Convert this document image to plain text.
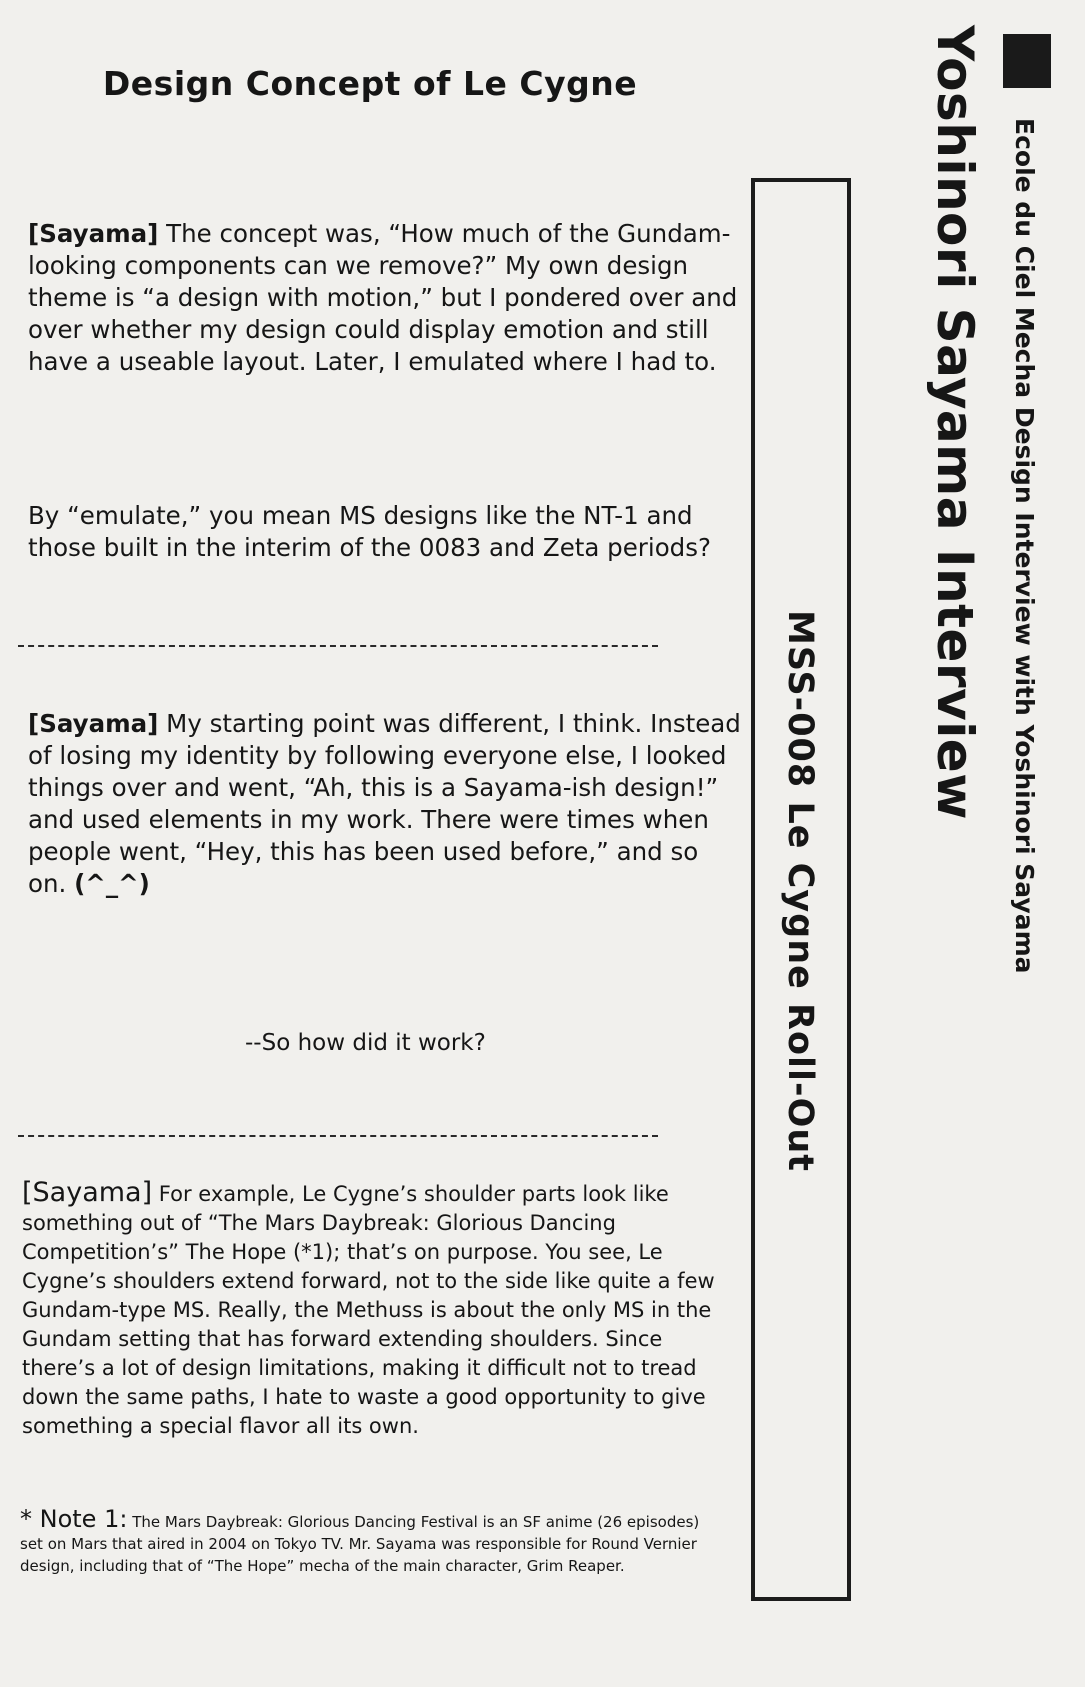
Design Concept of Le Cygne

[Sayama] The concept was, “How much of the Gundam-looking components can we remove?” My own design theme is “a design with motion,” but I pondered over and over whether my design could display emotion and still have a useable layout. Later, I emulated where I had to.

By “emulate,” you mean MS designs like the NT-1 and those built in the interim of the 0083 and Zeta periods?

[Sayama] My starting point was different, I think. Instead of losing my identity by following everyone else, I looked things over and went, “Ah, this is a Sayama-ish design!” and used elements in my work. There were times when people went, “Hey, this has been used before,” and so on. (^_^)

--So how did it work?

[Sayama] For example, Le Cygne’s shoulder parts look like something out of “The Mars Daybreak: Glorious Dancing Competition’s” The Hope (*1); that’s on purpose. You see, Le Cygne’s shoulders extend forward, not to the side like quite a few Gundam-type MS. Really, the Methuss is about the only MS in the Gundam setting that has forward extending shoulders. Since there’s a lot of design limitations, making it difficult not to tread down the same paths, I hate to waste a good opportunity to give something a special flavor all its own.

* Note 1: The Mars Daybreak: Glorious Dancing Festival is an SF anime (26 episodes) set on Mars that aired in 2004 on Tokyo TV. Mr. Sayama was responsible for Round Vernier design, including that of “The Hope” mecha of the main character, Grim Reaper.

MSS-008 Le Cygne Roll-Out

Yoshinori Sayama Interview Ecole du Ciel Mecha Design Interview with Yoshinori Sayama
